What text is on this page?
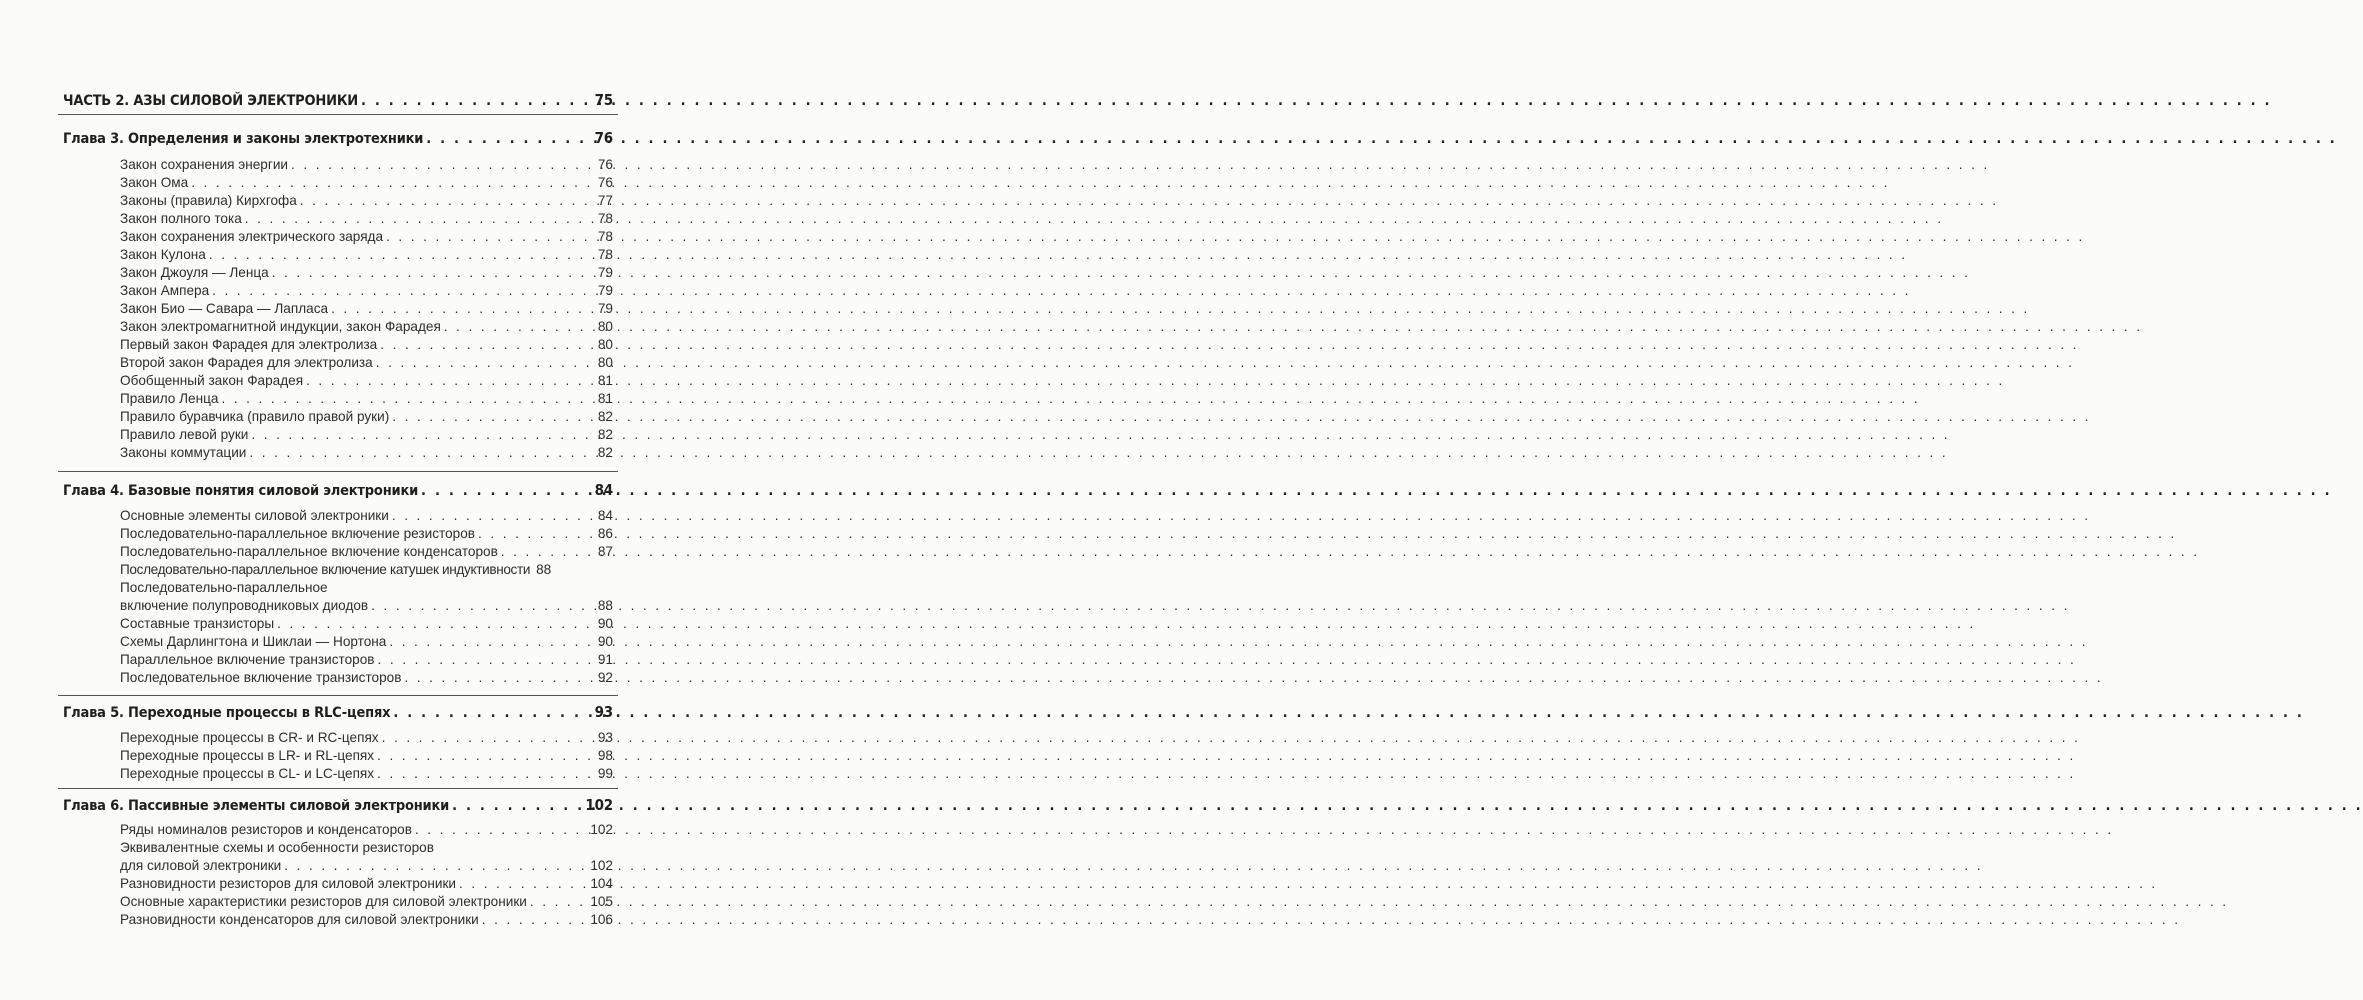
ЧАСТЬ 2. АЗЫ СИЛОВОЙ ЭЛЕКТРОНИКИ . . .	75
Глава 3. Определения и законы электротехники . . .	76
Закон сохранения энергии . . .	76
Закон Ома . . .	76
Законы (правила) Кирхгофа . . .	77
Закон полного тока . . .	78
Закон сохранения электрического заряда . . .	78
Закон Кулона . . .	78
Закон Джоуля — Ленца . . .	79
Закон Ампера . . .	79
Закон Био — Савара — Лапласа . . .	79
Закон электромагнитной индукции, закон Фарадея . . .	80
Первый закон Фарадея для электролиза . . .	80
Второй закон Фарадея для электролиза . . .	80
Обобщенный закон Фарадея . . .	81
Правило Ленца . . .	81
Правило буравчика (правило правой руки) . . .	82
Правило левой руки . . .	82
Законы коммутации . . .	82
Глава 4. Базовые понятия силовой электроники . . .	84
Основные элементы силовой электроники . . .	84
Последовательно-параллельное включение резисторов . . .	86
Последовательно-параллельное включение конденсаторов . . .	87
Последовательно-параллельное включение катушек индуктивности 88
Последовательно-параллельное
включение полупроводниковых диодов . . .	88
Составные транзисторы . . .	90
Схемы Дарлингтона и Шиклаи — Нортона . . .	90
Параллельное включение транзисторов . . .	91
Последовательное включение транзисторов . . .	92
Глава 5. Переходные процессы в RLC-цепях . . .	93
Переходные процессы в CR- и RC-цепях . . .	93
Переходные процессы в LR- и RL-цепях . . .	98
Переходные процессы в CL- и LC-цепях . . .	99
Глава 6. Пассивные элементы силовой электроники . . .	102
Ряды номиналов резисторов и конденсаторов . . .	102
Эквивалентные схемы и особенности резисторов
для силовой электроники . . .	102
Разновидности резисторов для силовой электроники . . .	104
Основные характеристики резисторов для силовой электроники . . .	105
Разновидности конденсаторов для силовой электроники . . .	106
